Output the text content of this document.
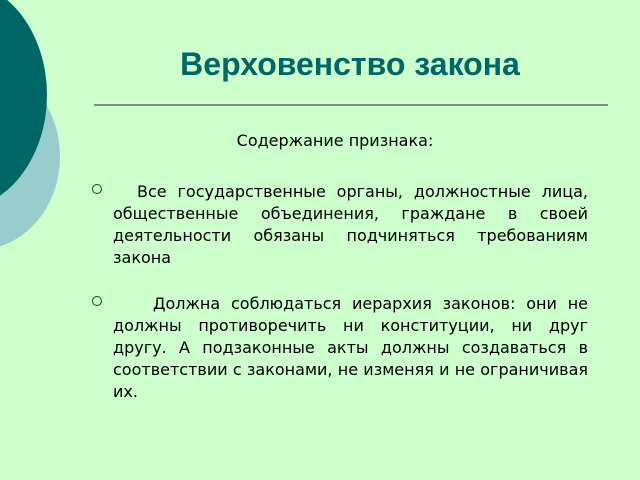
Верховенство закона
Содержание признака:
Все государственные органы, должностные лица, общественные объединения, граждане в своей деятельности обязаны подчиняться требованиям закона
Должна соблюдаться иерархия законов: они не должны противоречить ни конституции, ни друг другу. А подзаконные акты должны создаваться в соответствии с законами, не изменяя и не ограничивая их.
